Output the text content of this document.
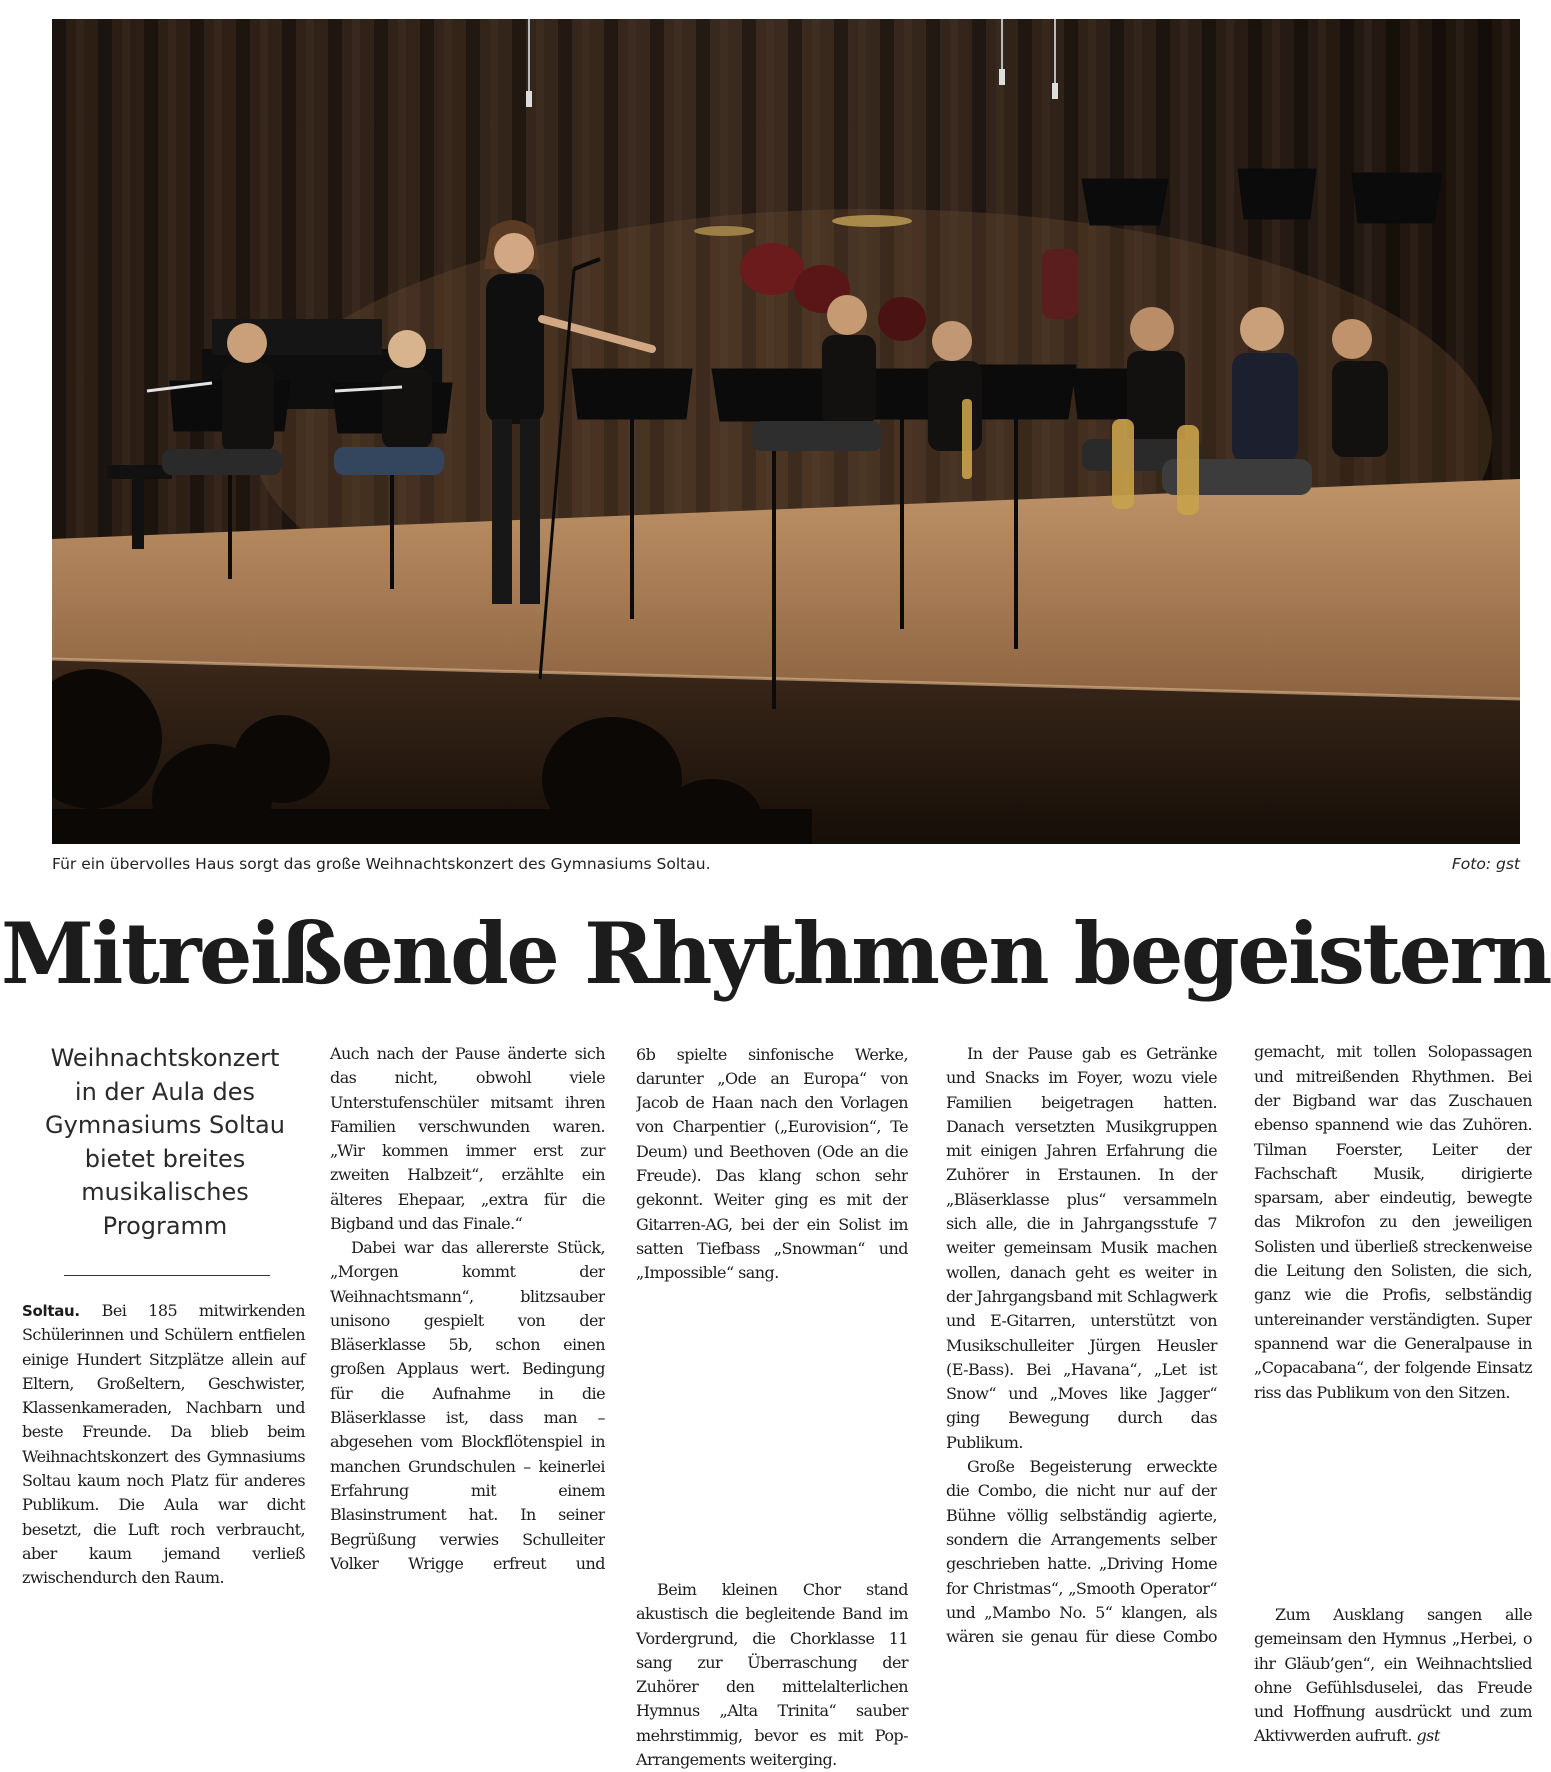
Für ein übervolles Haus sorgt das große Weihnachtskonzert des Gymnasiums Soltau.	Foto: gst
Mitreißende Rhythmen begeistern
Weihnachtskonzert in der Aula des Gymnasiums Soltau bietet breites musikalisches Programm

Soltau. Bei 185 mitwirkenden Schülerinnen und Schülern entfielen einige Hundert Sitzplätze allein auf Eltern, Großeltern, Geschwister, Klassenkameraden, Nachbarn und beste Freunde. Da blieb beim Weihnachtskonzert des Gymnasiums Soltau kaum noch Platz für anderes Publikum. Die Aula war dicht besetzt, die Luft roch verbraucht, aber kaum jemand verließ zwischendurch den Raum.

Auch nach der Pause änderte sich das nicht, obwohl viele Unterstufenschüler mitsamt ihren Familien verschwunden waren. „Wir kommen immer erst zur zweiten Halbzeit“, erzählte ein älteres Ehepaar, „extra für die Bigband und das Finale.“

Dabei war das allererste Stück, „Morgen kommt der Weihnachtsmann“, blitzsauber unisono gespielt von der Bläserklasse 5b, schon einen großen Applaus wert. Bedingung für die Aufnahme in die Bläserklasse ist, dass man – abgesehen vom Blockflötenspiel in manchen Grundschulen – keinerlei Erfahrung mit einem Blasinstrument hat. In seiner Begrüßung verwies Schulleiter Volker Wrigge erfreut und

6b spielte sinfonische Werke, darunter „Ode an Europa“ von Jacob de Haan nach den Vorlagen von Charpentier („Eurovision“, Te Deum) und Beethoven (Ode an die Freude). Das klang schon sehr gekonnt. Weiter ging es mit der Gitarren-AG, bei der ein Solist im satten Tiefbass „Snowman“ und „Impossible“ sang.

Beim kleinen Chor stand akustisch die begleitende Band im Vordergrund, die Chorklasse 11 sang zur Überraschung der Zuhörer den mittelalterlichen Hymnus „Alta Trinita“ sauber mehrstimmig, bevor es mit Pop-Arrangements weiterging.

In der Pause gab es Getränke und Snacks im Foyer, wozu viele Familien beigetragen hatten. Danach versetzten Musikgruppen mit einigen Jahren Erfahrung die Zuhörer in Erstaunen. In der „Bläserklasse plus“ versammeln sich alle, die in Jahrgangsstufe 7 weiter gemeinsam Musik machen wollen, danach geht es weiter in der Jahrgangsband mit Schlagwerk und E-Gitarren, unterstützt von Musikschulleiter Jürgen Heusler (E-Bass). Bei „Havana“, „Let ist Snow“ und „Moves like Jagger“ ging Bewegung durch das Publikum.

Große Begeisterung erweckte die Combo, die nicht nur auf der Bühne völlig selbständig agierte, sondern die Arrangements selber geschrieben hatte. „Driving Home for Christmas“, „Smooth Operator“ und „Mambo No. 5“ klangen, als wären sie genau für diese Combo

gemacht, mit tollen Solopassagen und mitreißenden Rhythmen. Bei der Bigband war das Zuschauen ebenso spannend wie das Zuhören. Tilman Foerster, Leiter der Fachschaft Musik, dirigierte sparsam, aber eindeutig, bewegte das Mikrofon zu den jeweiligen Solisten und überließ streckenweise die Leitung den Solisten, die sich, ganz wie die Profis, selbständig untereinander verständigten. Super spannend war die Generalpause in „Copacabana“, der folgende Einsatz riss das Publikum von den Sitzen.

Zum Ausklang sangen alle gemeinsam den Hymnus „Herbei, o ihr Gläub’gen“, ein Weihnachtslied ohne Gefühlsduselei, das Freude und Hoffnung ausdrückt und zum Aktivwerden aufruft. gst
